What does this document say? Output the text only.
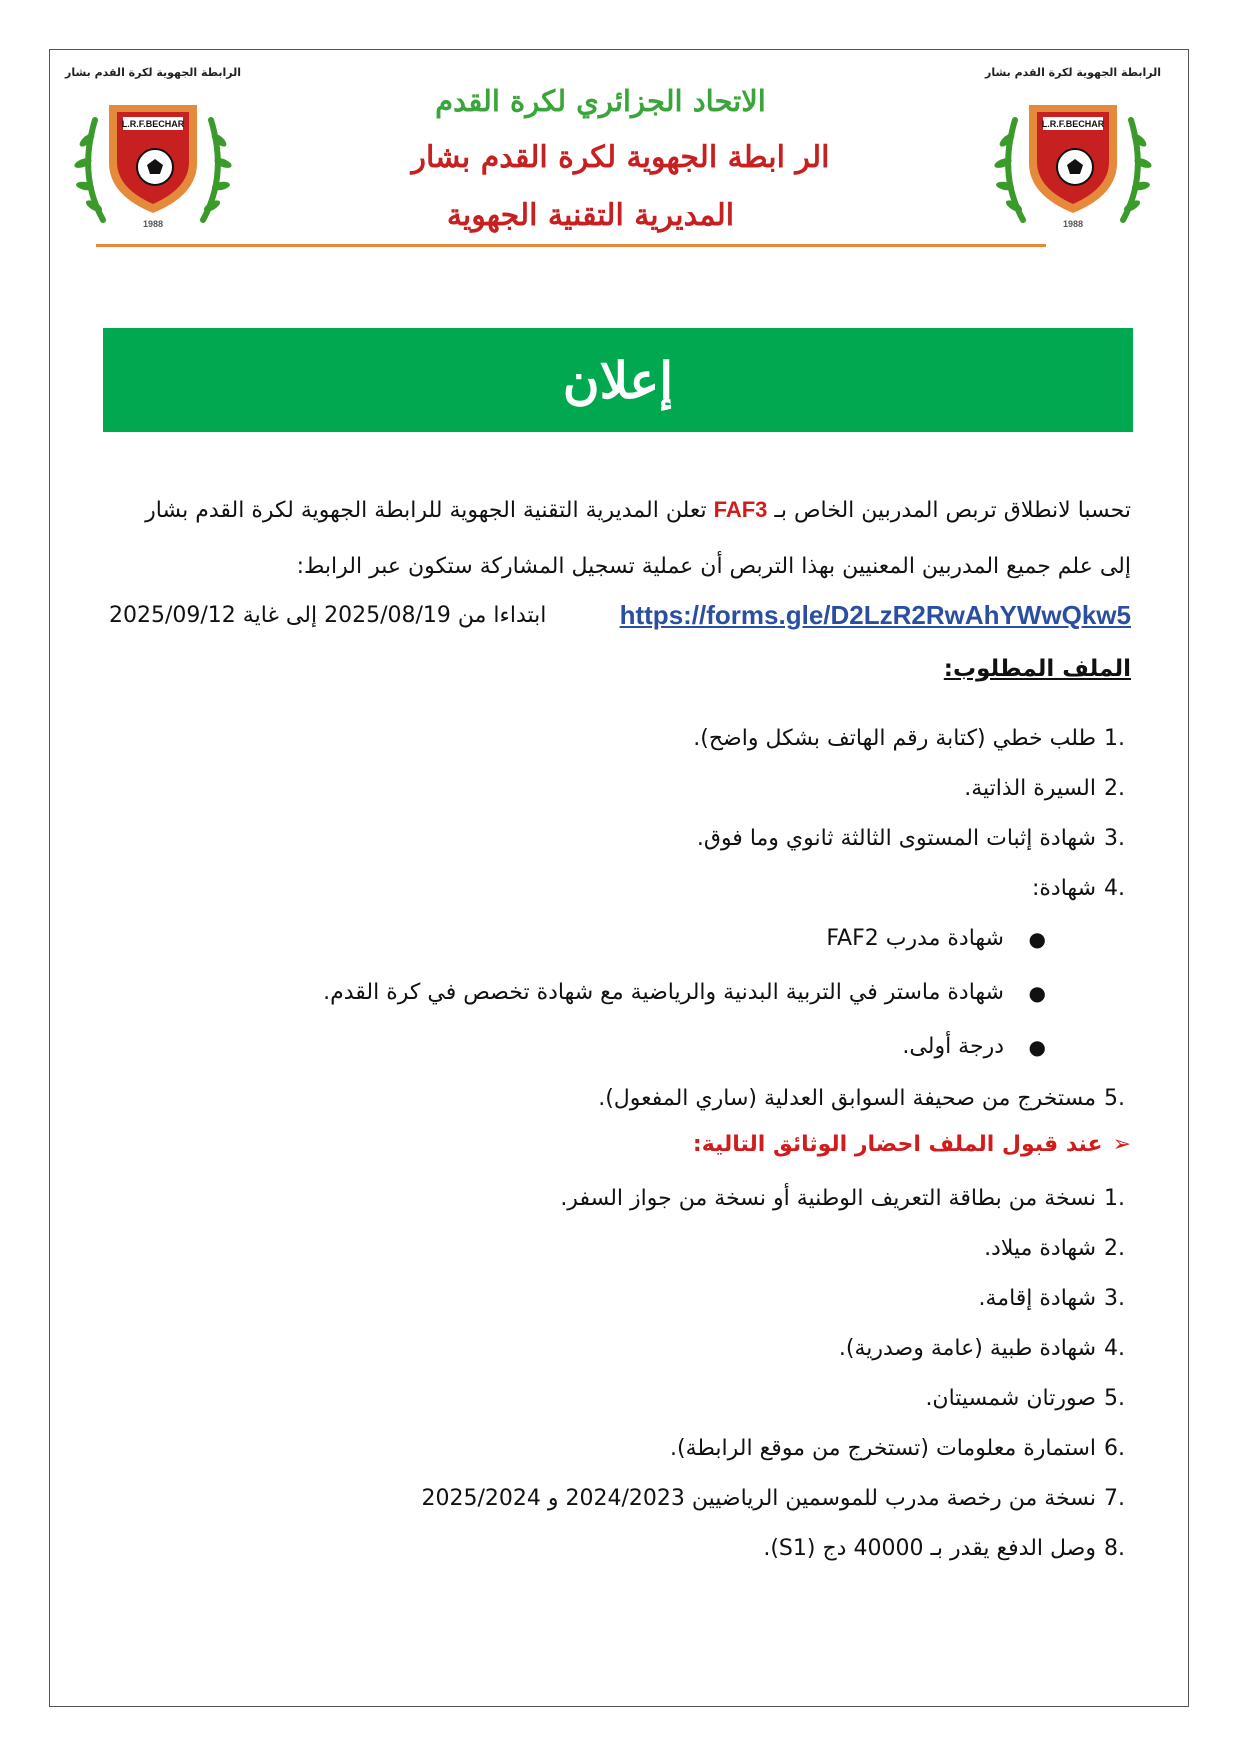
الرابطة الجهوية لكرة القدم بشار
L.R.F.BECHAR
1988
الرابطة الجهوية لكرة القدم بشار
L.R.F.BECHAR
1988
الاتحاد الجزائري لكرة القدم
الر ابطة الجهوية لكرة القدم بشار
المديرية التقنية الجهوية
إعلان
تحسبا لانطلاق تربص المدربين الخاص بـ FAF3 تعلن المديرية التقنية الجهوية للرابطة الجهوية لكرة القدم بشار
إلى علم جميع المدربين المعنيين بهذا التربص أن عملية تسجيل المشاركة ستكون عبر الرابط:
https://forms.gle/D2LzR2RwAhYWwQkw5
ابتداءا من 2025/08/19 إلى غاية 2025/09/12
الملف المطلوب:
1.
طلب خطي (كتابة رقم الهاتف بشكل واضح).
2.
السيرة الذاتية.
3.
شهادة إثبات المستوى الثالثة ثانوي وما فوق.
4.
شهادة:
●
شهادة مدرب FAF2
●
شهادة ماستر في التربية البدنية والرياضية مع شهادة تخصص في كرة القدم.
●
درجة أولى.
5.
مستخرج من صحيفة السوابق العدلية (ساري المفعول).
➢عند قبول الملف احضار الوثائق التالية:
1.
نسخة من بطاقة التعريف الوطنية أو نسخة من جواز السفر.
2.
شهادة ميلاد.
3.
شهادة إقامة.
4.
شهادة طبية (عامة وصدرية).
5.
صورتان شمسيتان.
6.
استمارة معلومات (تستخرج من موقع الرابطة).
7.
نسخة من رخصة مدرب للموسمين الرياضيين 2024/2023 و 2025/2024
8.
وصل الدفع يقدر بـ 40000 دج (S1).
